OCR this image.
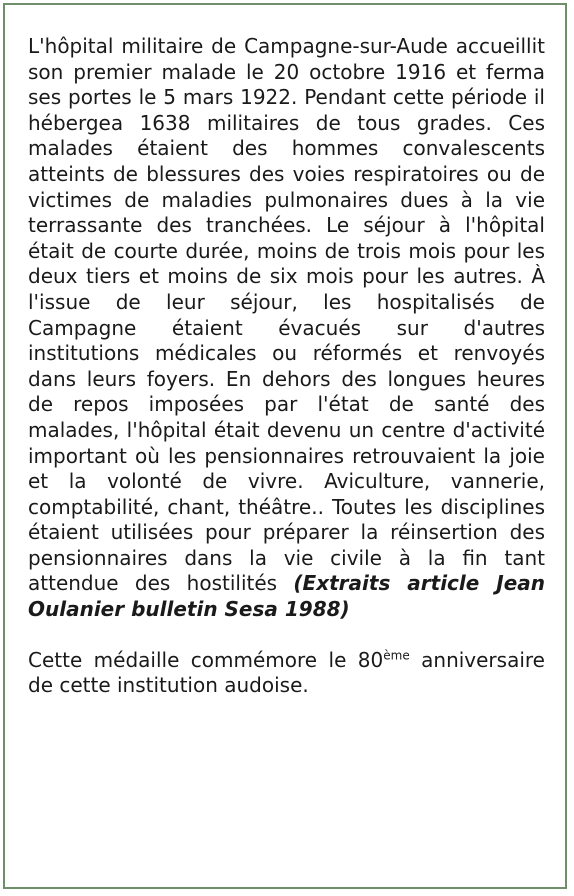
L'hôpital militaire de Campagne-sur-Aude accueillit son premier malade le 20 octobre 1916 et ferma ses portes le 5 mars 1922. Pendant cette période il hébergea 1638 militaires de tous grades. Ces malades étaient des hommes convalescents atteints de blessures des voies respiratoires ou de victimes de maladies pulmonaires dues à la vie terrassante des tranchées. Le séjour à l'hôpital était de courte durée, moins de trois mois pour les deux tiers et moins de six mois pour les autres. À l'issue de leur séjour, les hospitalisés de Campagne étaient évacués sur d'autres institutions médicales ou réformés et renvoyés dans leurs foyers. En dehors des longues heures de repos imposées par l'état de santé des malades, l'hôpital était devenu un centre d'activité important où les pensionnaires retrouvaient la joie et la volonté de vivre. Aviculture, vannerie, comptabilité, chant, théâtre.. Toutes les disciplines étaient utilisées pour préparer la réinsertion des pensionnaires dans la vie civile à la fin tant attendue des hostilités (Extraits article Jean Oulanier bulletin Sesa 1988)

Cette médaille commémore le 80ème anniversaire de cette institution audoise.
